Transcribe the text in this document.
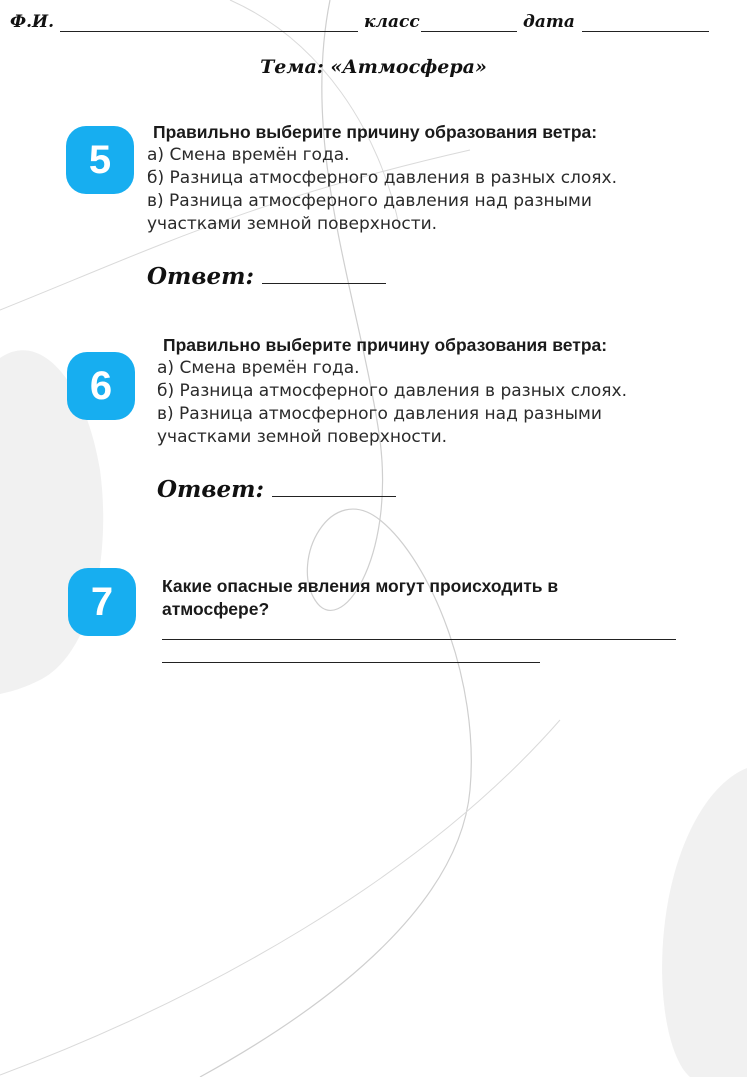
Ф.И.	класс	дата
Тема: «Атмосфера»
5
Правильно выберите причину образования ветра:
а) Смена времён года.
б) Разница атмосферного давления в разных слоях.
в) Разница атмосферного давления над разными
участками земной поверхности.
Ответ:
6
Правильно выберите причину образования ветра:
а) Смена времён года.
б) Разница атмосферного давления в разных слоях.
в) Разница атмосферного давления над разными
участками земной поверхности.
Ответ:
7	Какие опасные явления могут происходить в
атмосфере?
